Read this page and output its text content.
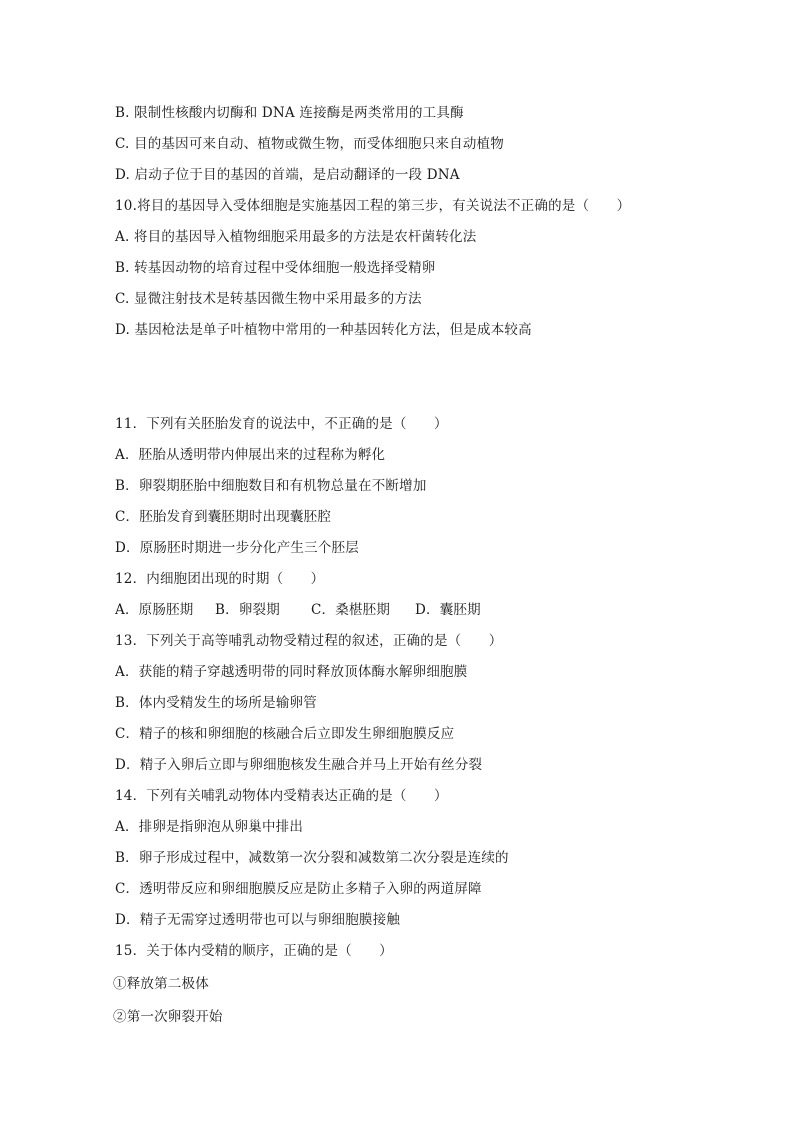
B. 限制性核酸内切酶和 DNA 连接酶是两类常用的工具酶
C. 目的基因可来自动、植物或微生物，而受体细胞只来自动植物
D. 启动子位于目的基因的首端，是启动翻译的一段 DNA
10.将目的基因导入受体细胞是实施基因工程的第三步，有关说法不正确的是（　　）
A. 将目的基因导入植物细胞采用最多的方法是农杆菌转化法
B. 转基因动物的培育过程中受体细胞一般选择受精卵
C. 显微注射技术是转基因微生物中采用最多的方法
D. 基因枪法是单子叶植物中常用的一种基因转化方法，但是成本较高
11．下列有关胚胎发育的说法中，不正确的是（　　）
A．胚胎从透明带内伸展出来的过程称为孵化
B．卵裂期胚胎中细胞数目和有机物总量在不断增加
C．胚胎发育到囊胚期时出现囊胚腔
D．原肠胚时期进一步分化产生三个胚层
12．内细胞团出现的时期（　　）
A．原肠胚期	B．卵裂期	C．桑椹胚期	D．囊胚期
13．下列关于高等哺乳动物受精过程的叙述，正确的是（　　）
A．获能的精子穿越透明带的同时释放顶体酶水解卵细胞膜
B．体内受精发生的场所是输卵管
C．精子的核和卵细胞的核融合后立即发生卵细胞膜反应
D．精子入卵后立即与卵细胞核发生融合并马上开始有丝分裂
14．下列有关哺乳动物体内受精表达正确的是（　　）
A．排卵是指卵泡从卵巢中排出
B．卵子形成过程中，减数第一次分裂和减数第二次分裂是连续的
C．透明带反应和卵细胞膜反应是防止多精子入卵的两道屏障
D．精子无需穿过透明带也可以与卵细胞膜接触
15．关于体内受精的顺序，正确的是（　　）
①释放第二极体
②第一次卵裂开始
